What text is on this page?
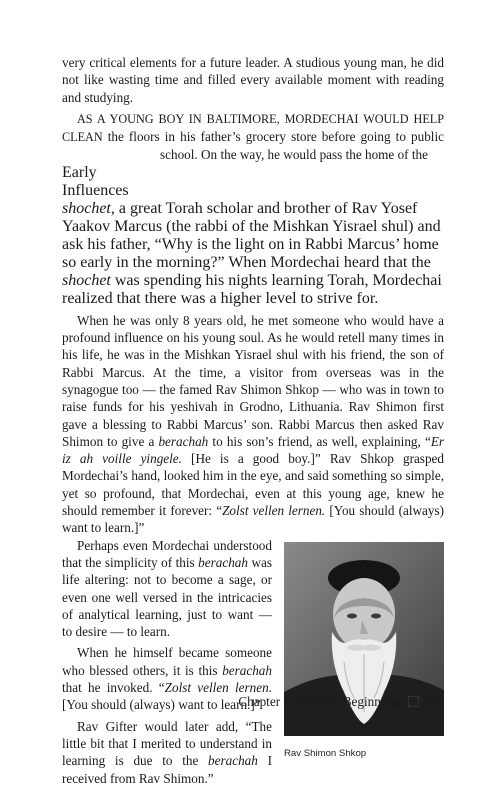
very critical elements for a future leader. A studious young man, he did not like wasting time and filled every available moment with reading and studying.

AS A YOUNG BOY IN BALTIMORE, MORDECHAI WOULD HELP CLEAN the floors in his father’s grocery store before going to public school. On the way, he would pass the home of the

Early
Influences
shochet, a great Torah scholar and brother of Rav Yosef Yaakov Marcus (the rabbi of the Mishkan Yisrael shul) and ask his father, “Why is the light on in Rabbi Marcus’ home so early in the morning?” When Mordechai heard that the shochet was spending his nights learning Torah, Mordechai realized that there was a higher level to strive for.

When he was only 8 years old, he met someone who would have a profound influence on his young soul. As he would retell many times in his life, he was in the Mishkan Yisrael shul with his friend, the son of Rabbi Marcus. At the time, a visitor from overseas was in the synagogue too — the famed Rav Shimon Shkop — who was in town to raise funds for his yeshivah in Grodno, Lithuania. Rav Shimon first gave a blessing to Rabbi Marcus’ son. Rabbi Marcus then asked Rav Shimon to give a berachah to his son’s friend, as well, explaining, “Er iz ah voille yingele. [He is a good boy.]” Rav Shkop grasped Mordechai’s hand, looked him in the eye, and said something so simple, yet so profound, that Mordechai, even at this young age, knew he should remember it forever: “Zolst vellen lernen. [You should (always) want to learn.]”

Rav Shimon Shkop

Perhaps even Mordechai understood that the simplicity of this berachah was life altering: not to become a sage, or even one well versed in the intricacies of analytical learning, just to want — to desire — to learn.

When he himself became someone who blessed others, it is this berachah that he invoked. “Zolst vellen lernen. [You should (always) want to learn.]”

Rav Gifter would later add, “The little bit that I merited to understand in learning is due to the berachah I received from Rav Shimon.”

Chapter 1: Humble Beginnings 35
